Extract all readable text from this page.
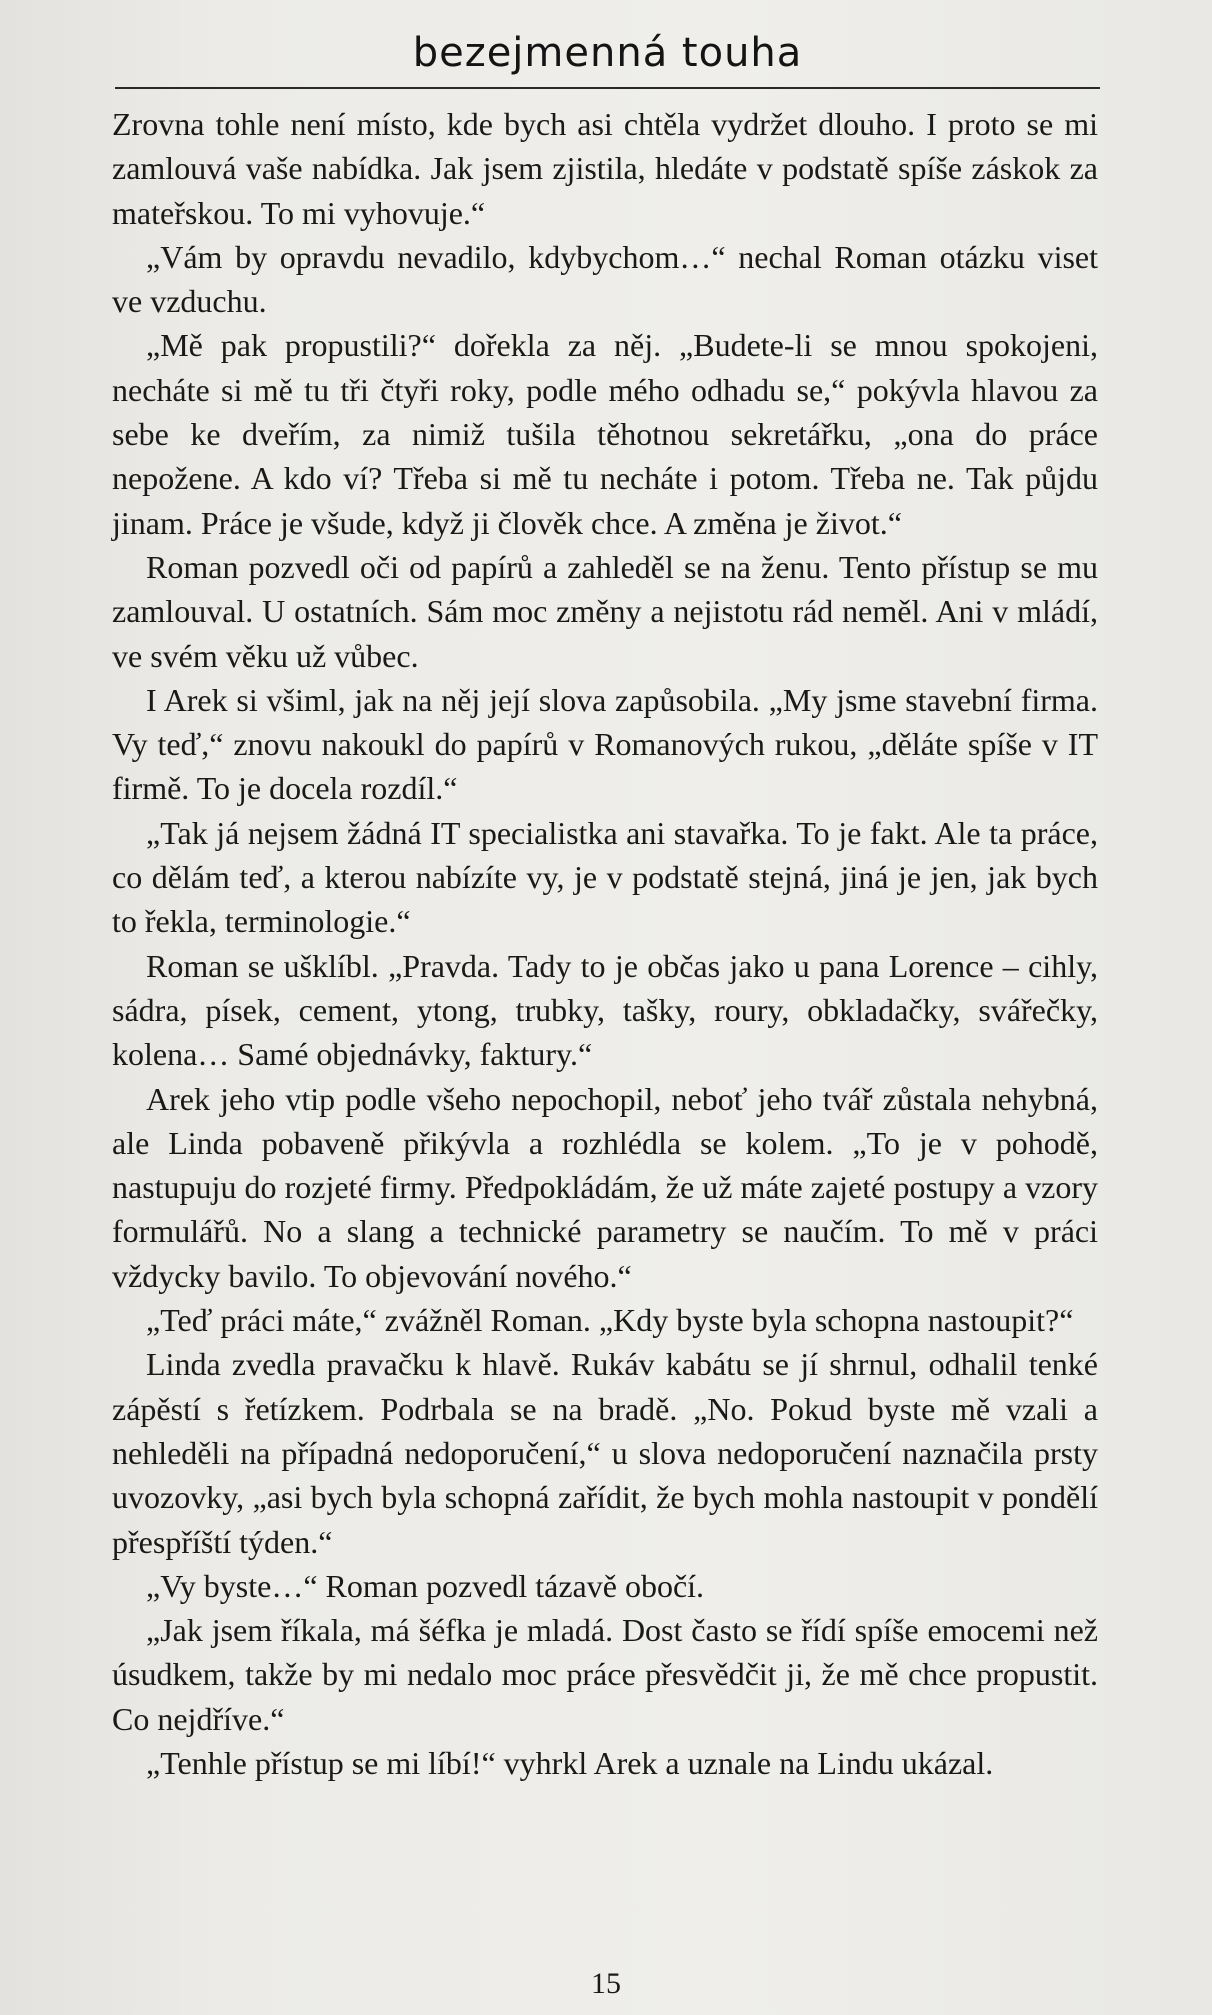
bezejmenná touha

Zrovna tohle není místo, kde bych asi chtěla vydržet dlouho. I proto se mi zamlouvá vaše nabídka. Jak jsem zjistila, hledáte v podstatě spíše záskok za mateřskou. To mi vyhovuje.“

„Vám by opravdu nevadilo, kdybychom…“ nechal Roman otázku viset ve vzduchu.

„Mě pak propustili?“ dořekla za něj. „Budete-li se mnou spokojeni, necháte si mě tu tři čtyři roky, podle mého odhadu se,“ pokývla hlavou za sebe ke dveřím, za nimiž tušila těhotnou sekretářku, „ona do práce nepožene. A kdo ví? Třeba si mě tu necháte i potom. Třeba ne. Tak půjdu jinam. Práce je všude, když ji člověk chce. A změna je život.“

Roman pozvedl oči od papírů a zahleděl se na ženu. Tento přístup se mu zamlouval. U ostatních. Sám moc změny a nejistotu rád neměl. Ani v mládí, ve svém věku už vůbec.

I Arek si všiml, jak na něj její slova zapůsobila. „My jsme stavební firma. Vy teď,“ znovu nakoukl do papírů v Romanových rukou, „děláte spíše v IT firmě. To je docela rozdíl.“

„Tak já nejsem žádná IT specialistka ani stavařka. To je fakt. Ale ta práce, co dělám teď, a kterou nabízíte vy, je v podstatě stejná, jiná je jen, jak bych to řekla, terminologie.“

Roman se ušklíbl. „Pravda. Tady to je občas jako u pana Lorence – cihly, sádra, písek, cement, ytong, trubky, tašky, roury, obkladačky, svářečky, kolena… Samé objednávky, faktury.“

Arek jeho vtip podle všeho nepochopil, neboť jeho tvář zůstala nehybná, ale Linda pobaveně přikývla a rozhlédla se kolem. „To je v pohodě, nastupuju do rozjeté firmy. Předpokládám, že už máte zajeté postupy a vzory formulářů. No a slang a technické parametry se naučím. To mě v práci vždycky bavilo. To objevování nového.“

„Teď práci máte,“ zvážněl Roman. „Kdy byste byla schopna nastoupit?“

Linda zvedla pravačku k hlavě. Rukáv kabátu se jí shrnul, odhalil tenké zápěstí s řetízkem. Podrbala se na bradě. „No. Pokud byste mě vzali a nehleděli na případná nedoporučení,“ u slova nedoporučení naznačila prsty uvozovky, „asi bych byla schopná zařídit, že bych mohla nastoupit v pondělí přespříští týden.“

„Vy byste…“ Roman pozvedl tázavě obočí.

„Jak jsem říkala, má šéfka je mladá. Dost často se řídí spíše emocemi než úsudkem, takže by mi nedalo moc práce přesvědčit ji, že mě chce propustit. Co nejdříve.“

„Tenhle přístup se mi líbí!“ vyhrkl Arek a uznale na Lindu ukázal.

15
